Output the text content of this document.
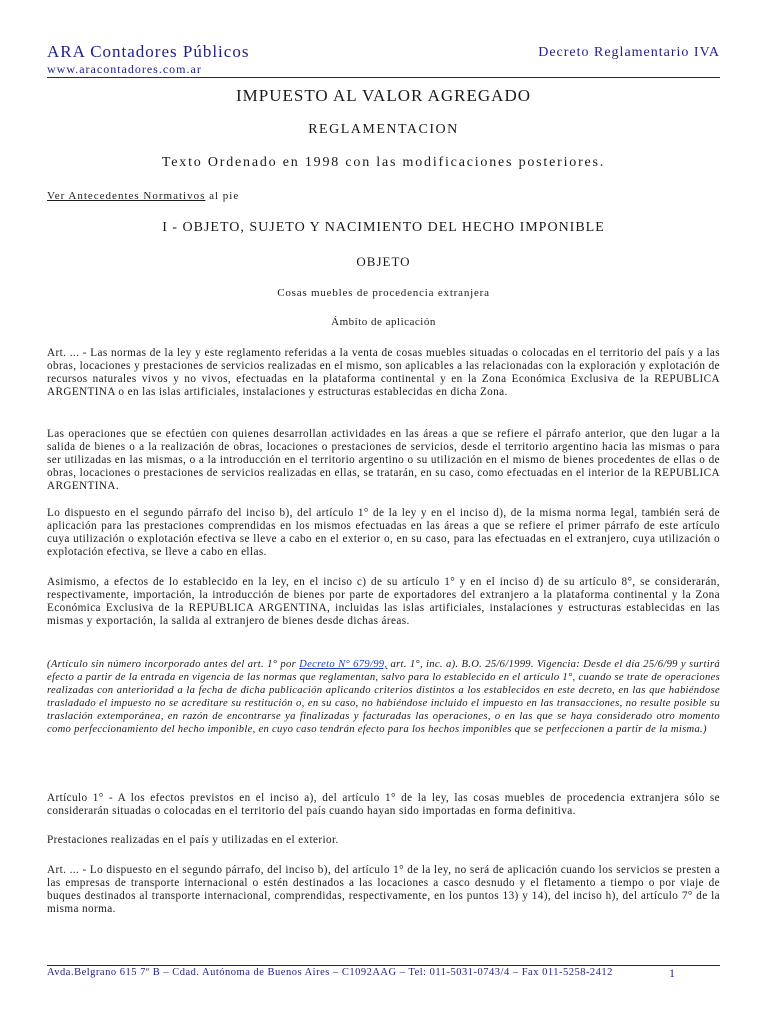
ARA Contadores Públicos
www.aracontadores.com.ar
Decreto Reglamentario IVA
IMPUESTO AL VALOR AGREGADO
REGLAMENTACION
Texto Ordenado en 1998 con las modificaciones posteriores.
Ver Antecedentes Normativos al pie
I - OBJETO, SUJETO Y NACIMIENTO DEL HECHO IMPONIBLE
OBJETO
Cosas muebles de procedencia extranjera
Ámbito de aplicación

Art. ... - Las normas de la ley y este reglamento referidas a la venta de cosas muebles situadas o colocadas en el territorio del país y a las obras, locaciones y prestaciones de servicios realizadas en el mismo, son aplicables a las relacionadas con la exploración y explotación de recursos naturales vivos y no vivos, efectuadas en la plataforma continental y en la Zona Económica Exclusiva de la REPUBLICA ARGENTINA o en las islas artificiales, instalaciones y estructuras establecidas en dicha Zona.

Las operaciones que se efectúen con quienes desarrollan actividades en las áreas a que se refiere el párrafo anterior, que den lugar a la salida de bienes o a la realización de obras, locaciones o prestaciones de servicios, desde el territorio argentino hacia las mismas o para ser utilizadas en las mismas, o a la introducción en el territorio argentino o su utilización en el mismo de bienes procedentes de ellas o de obras, locaciones o prestaciones de servicios realizadas en ellas, se tratarán, en su caso, como efectuadas en el interior de la REPUBLICA ARGENTINA.

Lo dispuesto en el segundo párrafo del inciso b), del artículo 1° de la ley y en el inciso d), de la misma norma legal, también será de aplicación para las prestaciones comprendidas en los mismos efectuadas en las áreas a que se refiere el primer párrafo de este artículo cuya utilización o explotación efectiva se lleve a cabo en el exterior o, en su caso, para las efectuadas en el extranjero, cuya utilización o explotación efectiva, se lleve a cabo en ellas.

Asimismo, a efectos de lo establecido en la ley, en el inciso c) de su artículo 1° y en el inciso d) de su artículo 8°, se considerarán, respectivamente, importación, la introducción de bienes por parte de exportadores del extranjero a la plataforma continental y la Zona Económica Exclusiva de la REPUBLICA ARGENTINA, incluidas las islas artificiales, instalaciones y estructuras establecidas en las mismas y exportación, la salida al extranjero de bienes desde dichas áreas.

(Artículo sin número incorporado antes del art. 1° por Decreto N° 679/99, art. 1°, inc. a). B.O. 25/6/1999. Vigencia: Desde el día 25/6/99 y surtirá efecto a partir de la entrada en vigencia de las normas que reglamentan, salvo para lo establecido en el artículo 1°, cuando se trate de operaciones realizadas con anterioridad a la fecha de dicha publicación aplicando criterios distintos a los establecidos en este decreto, en las que habiéndose trasladado el impuesto no se acreditare su restitución o, en su caso, no habiéndose incluido el impuesto en las transacciones, no resulte posible su traslación extemporánea, en razón de encontrarse ya finalizadas y facturadas las operaciones, o en las que se haya considerado otro momento como perfeccionamiento del hecho imponible, en cuyo caso tendrán efecto para los hechos imponibles que se perfeccionen a partir de la misma.)

Artículo 1° - A los efectos previstos en el inciso a), del artículo 1° de la ley, las cosas muebles de procedencia extranjera sólo se considerarán situadas o colocadas en el territorio del país cuando hayan sido importadas en forma definitiva.

Prestaciones realizadas en el país y utilizadas en el exterior.

Art. ... - Lo dispuesto en el segundo párrafo, del inciso b), del artículo 1° de la ley, no será de aplicación cuando los servicios se presten a las empresas de transporte internacional o estén destinados a las locaciones a casco desnudo y el fletamento a tiempo o por viaje de buques destinados al transporte internacional, comprendidas, respectivamente, en los puntos 13) y 14), del inciso h), del artículo 7° de la misma norma.

Avda.Belgrano 615 7º B – Cdad. Autónoma de Buenos Aires – C1092AAG – Tel: 011-5031-0743/4 – Fax 011-5258-2412	1
